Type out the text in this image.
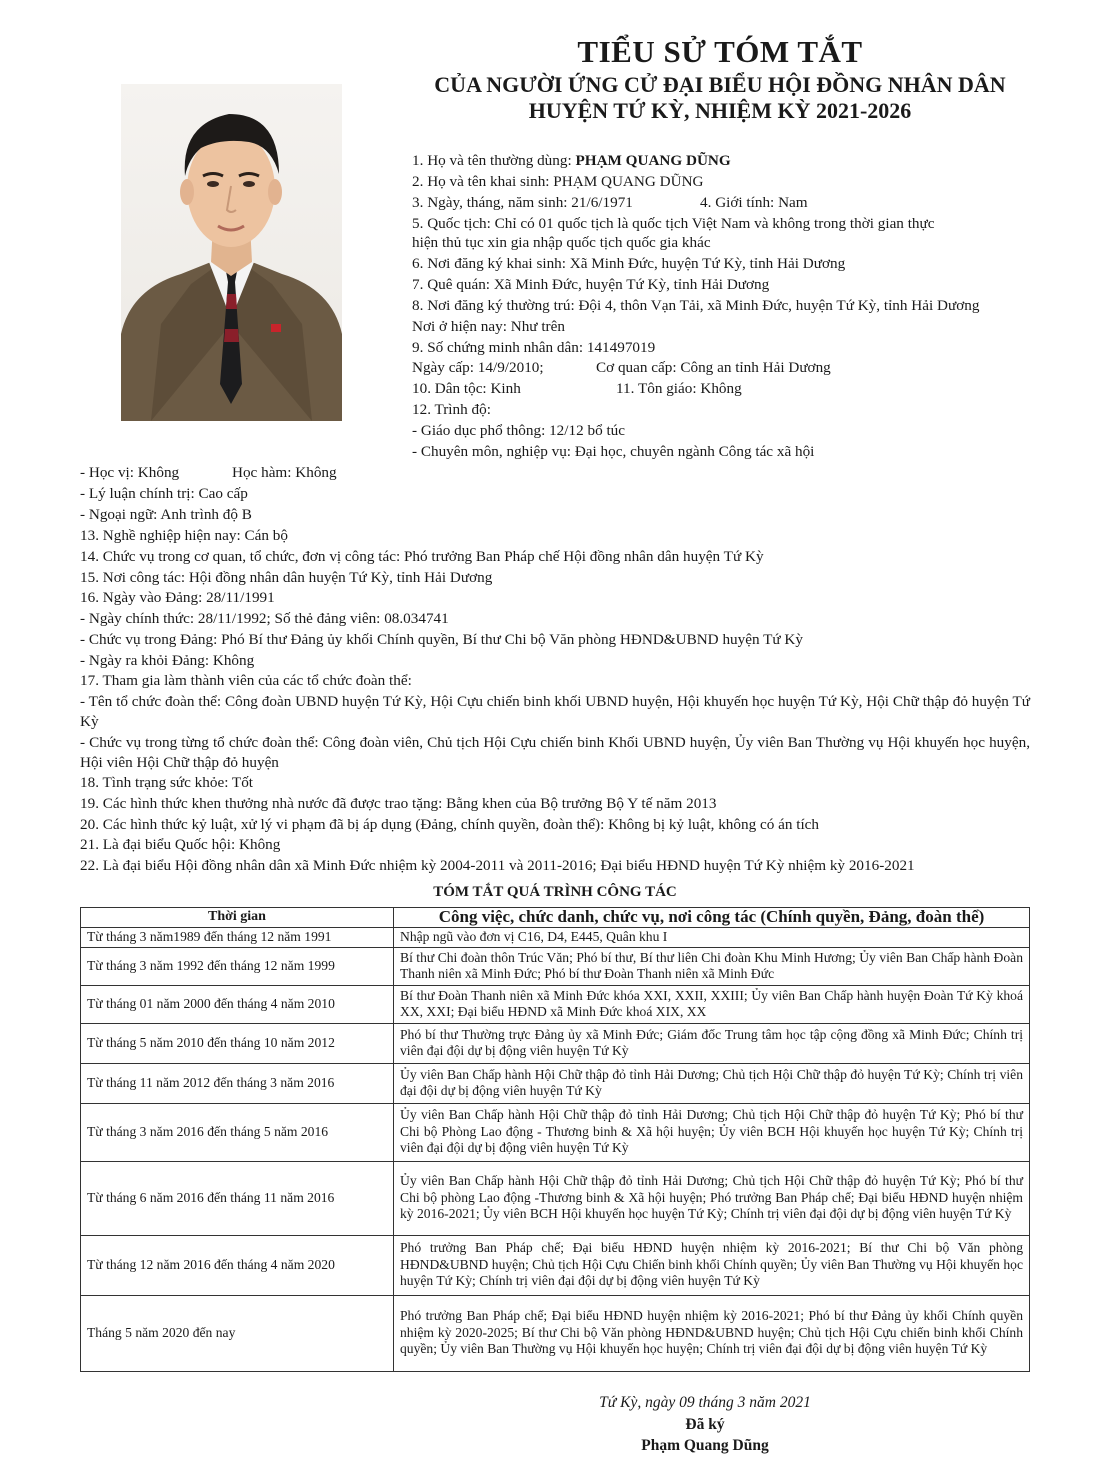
TIỂU SỬ TÓM TẮT
CỦA NGƯỜI ỨNG CỬ ĐẠI BIỂU HỘI ĐỒNG NHÂN DÂN
HUYỆN TỨ KỲ, NHIỆM KỲ 2021-2026
1. Họ và tên thường dùng: PHẠM QUANG DŨNG
2. Họ và tên khai sinh: PHẠM QUANG DŨNG
3. Ngày, tháng, năm sinh: 21/6/1971	4. Giới tính: Nam
5. Quốc tịch: Chỉ có 01 quốc tịch là quốc tịch Việt Nam và không trong thời gian thực
hiện thủ tục xin gia nhập quốc tịch quốc gia khác
6. Nơi đăng ký khai sinh: Xã Minh Đức, huyện Tứ Kỳ, tỉnh Hải Dương
7. Quê quán: Xã Minh Đức, huyện Tứ Kỳ, tỉnh Hải Dương
8. Nơi đăng ký thường trú: Đội 4, thôn Vạn Tải, xã Minh Đức, huyện Tứ Kỳ, tỉnh Hải Dương
Nơi ở hiện nay: Như trên
9. Số chứng minh nhân dân: 141497019
Ngày cấp: 14/9/2010;	Cơ quan cấp: Công an tỉnh Hải Dương
10. Dân tộc: Kinh	11. Tôn giáo: Không
12. Trình độ:
- Giáo dục phổ thông: 12/12 bổ túc
- Chuyên môn, nghiệp vụ: Đại học, chuyên ngành Công tác xã hội
- Học vị: Không	Học hàm: Không
- Lý luận chính trị: Cao cấp
- Ngoại ngữ: Anh trình độ B
13. Nghề nghiệp hiện nay: Cán bộ
14. Chức vụ trong cơ quan, tổ chức, đơn vị công tác: Phó trưởng Ban Pháp chế Hội đồng nhân dân huyện Tứ Kỳ
15. Nơi công tác: Hội đồng nhân dân huyện Tứ Kỳ, tỉnh Hải Dương
16. Ngày vào Đảng: 28/11/1991
- Ngày chính thức: 28/11/1992; Số thẻ đảng viên: 08.034741
- Chức vụ trong Đảng: Phó Bí thư Đảng ủy khối Chính quyền, Bí thư Chi bộ Văn phòng HĐND&UBND huyện Tứ Kỳ
- Ngày ra khỏi Đảng: Không
17. Tham gia làm thành viên của các tổ chức đoàn thể:
- Tên tổ chức đoàn thể: Công đoàn UBND huyện Tứ Kỳ, Hội Cựu chiến binh khối UBND huyện, Hội khuyến học huyện Tứ Kỳ, Hội Chữ thập đỏ huyện Tứ Kỳ
- Chức vụ trong từng tổ chức đoàn thể: Công đoàn viên, Chủ tịch Hội Cựu chiến binh Khối UBND huyện, Ủy viên Ban Thường vụ Hội khuyến học huyện, Hội viên Hội Chữ thập đỏ huyện
18. Tình trạng sức khỏe: Tốt
19. Các hình thức khen thưởng nhà nước đã được trao tặng: Bằng khen của Bộ trưởng Bộ Y tế năm 2013
20. Các hình thức kỷ luật, xử lý vi phạm đã bị áp dụng (Đảng, chính quyền, đoàn thể): Không bị kỷ luật, không có án tích
21. Là đại biểu Quốc hội: Không
22. Là đại biểu Hội đồng nhân dân xã Minh Đức nhiệm kỳ 2004-2011 và 2011-2016; Đại biểu HĐND huyện Tứ Kỳ nhiệm kỳ 2016-2021
TÓM TẮT QUÁ TRÌNH CÔNG TÁC
Thời gian	Công việc, chức danh, chức vụ, nơi công tác (Chính quyền, Đảng, đoàn thể)
Từ tháng 3 năm1989 đến tháng 12 năm 1991	Nhập ngũ vào đơn vị C16, D4, E445, Quân khu I
Từ tháng 3 năm 1992 đến tháng 12 năm 1999	Bí thư Chi đoàn thôn Trúc Văn; Phó bí thư, Bí thư liên Chi đoàn Khu Minh Hương; Ủy viên Ban Chấp hành Đoàn Thanh niên xã Minh Đức; Phó bí thư Đoàn Thanh niên xã Minh Đức
Từ tháng 01 năm 2000 đến tháng 4 năm 2010	Bí thư Đoàn Thanh niên xã Minh Đức khóa XXI, XXII, XXIII; Ủy viên Ban Chấp hành huyện Đoàn Tứ Kỳ khoá XX, XXI; Đại biểu HĐND xã Minh Đức khoá XIX, XX
Từ tháng 5 năm 2010 đến tháng 10 năm 2012	Phó bí thư Thường trực Đảng ủy xã Minh Đức; Giám đốc Trung tâm học tập cộng đồng xã Minh Đức; Chính trị viên đại đội dự bị động viên huyện Tứ Kỳ
Từ tháng 11 năm 2012 đến tháng 3 năm 2016	Ủy viên Ban Chấp hành Hội Chữ thập đỏ tỉnh Hải Dương; Chủ tịch Hội Chữ thập đỏ huyện Tứ Kỳ; Chính trị viên đại đội dự bị động viên huyện Tứ Kỳ
Từ tháng 3 năm 2016 đến tháng 5 năm 2016	Ủy viên Ban Chấp hành Hội Chữ thập đỏ tỉnh Hải Dương; Chủ tịch Hội Chữ thập đỏ huyện Tứ Kỳ; Phó bí thư Chi bộ Phòng Lao động - Thương binh & Xã hội huyện; Ủy viên BCH Hội khuyến học huyện Tứ Kỳ; Chính trị viên đại đội dự bị động viên huyện Tứ Kỳ
Từ tháng 6 năm 2016 đến tháng 11 năm 2016	Ủy viên Ban Chấp hành Hội Chữ thập đỏ tỉnh Hải Dương; Chủ tịch Hội Chữ thập đỏ huyện Tứ Kỳ; Phó bí thư Chi bộ phòng Lao động -Thương binh & Xã hội huyện; Phó trưởng Ban Pháp chế; Đại biểu HĐND huyện nhiệm kỳ 2016-2021; Ủy viên BCH Hội khuyến học huyện Tứ Kỳ; Chính trị viên đại đội dự bị động viên huyện Tứ Kỳ
Từ tháng 12 năm 2016 đến tháng 4 năm 2020	Phó trưởng Ban Pháp chế; Đại biểu HĐND huyện nhiệm kỳ 2016-2021; Bí thư Chi bộ Văn phòng HĐND&UBND huyện; Chủ tịch Hội Cựu Chiến binh khối Chính quyền; Ủy viên Ban Thường vụ Hội khuyến học huyện Tứ Kỳ; Chính trị viên đại đội dự bị động viên huyện Tứ Kỳ
Tháng 5 năm 2020 đến nay	Phó trưởng Ban Pháp chế; Đại biểu HĐND huyện nhiệm kỳ 2016-2021; Phó bí thư Đảng ủy khối Chính quyền nhiệm kỳ 2020-2025; Bí thư Chi bộ Văn phòng HĐND&UBND huyện; Chủ tịch Hội Cựu chiến binh khối Chính quyền; Ủy viên Ban Thường vụ Hội khuyến học huyện; Chính trị viên đại đội dự bị động viên huyện Tứ Kỳ
Tứ Kỳ, ngày 09 tháng 3 năm 2021
Đã ký
Phạm Quang Dũng
